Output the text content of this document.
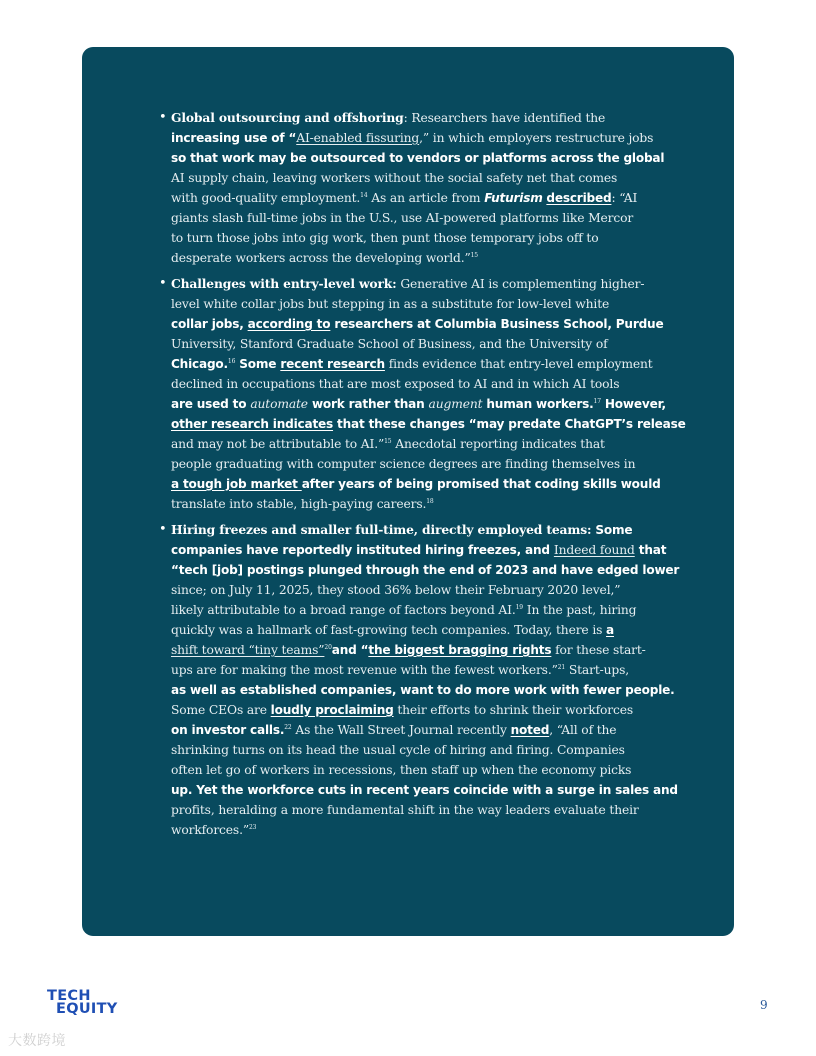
• Global outsourcing and offshoring: Researchers have identified the
increasing use of “AI-enabled fissuring,” in which employers restructure jobs
so that work may be outsourced to vendors or platforms across the global
AI supply chain, leaving workers without the social safety net that comes
with good-quality employment.$^{14}$ As an article from Futurism described: “AI
giants slash full-time jobs in the U.S., use AI-powered platforms like Mercor
to turn those jobs into gig work, then punt those temporary jobs off to
desperate workers across the developing world.”$^{15}$
• Challenges with entry-level work: Generative AI is complementing higher-
level white collar jobs but stepping in as a substitute for low-level white
collar jobs, according to researchers at Columbia Business School, Purdue
University, Stanford Graduate School of Business, and the University of
Chicago.$^{16}$ Some recent research finds evidence that entry-level employment
declined in occupations that are most exposed to AI and in which AI tools
are used to automate work rather than augment human workers.$^{17}$ However,
other research indicates that these changes “may predate ChatGPT’s release
and may not be attributable to AI.”$^{15}$ Anecdotal reporting indicates that
people graduating with computer science degrees are finding themselves in
a tough job market after years of being promised that coding skills would
translate into stable, high-paying careers.$^{18}$
• Hiring freezes and smaller full-time, directly employed teams: Some
companies have reportedly instituted hiring freezes, and Indeed found that
“tech [job] postings plunged through the end of 2023 and have edged lower
since; on July 11, 2025, they stood 36% below their February 2020 level,”
likely attributable to a broad range of factors beyond AI.$^{19}$ In the past, hiring
quickly was a hallmark of fast-growing tech companies. Today, there is a
shift toward “tiny teams”$^{20}$and “the biggest bragging rights for these start-
ups are for making the most revenue with the fewest workers.”$^{21}$ Start-ups,
as well as established companies, want to do more work with fewer people.
Some CEOs are loudly proclaiming their efforts to shrink their workforces
on investor calls.$^{22}$ As the Wall Street Journal recently noted, “All of the
shrinking turns on its head the usual cycle of hiring and firing. Companies
often let go of workers in recessions, then staff up when the economy picks
up. Yet the workforce cuts in recent years coincide with a surge in sales and
profits, heralding a more fundamental shift in the way leaders evaluate their
workforces.”$^{23}$
TECH
EQUITY	9
大数跨境
